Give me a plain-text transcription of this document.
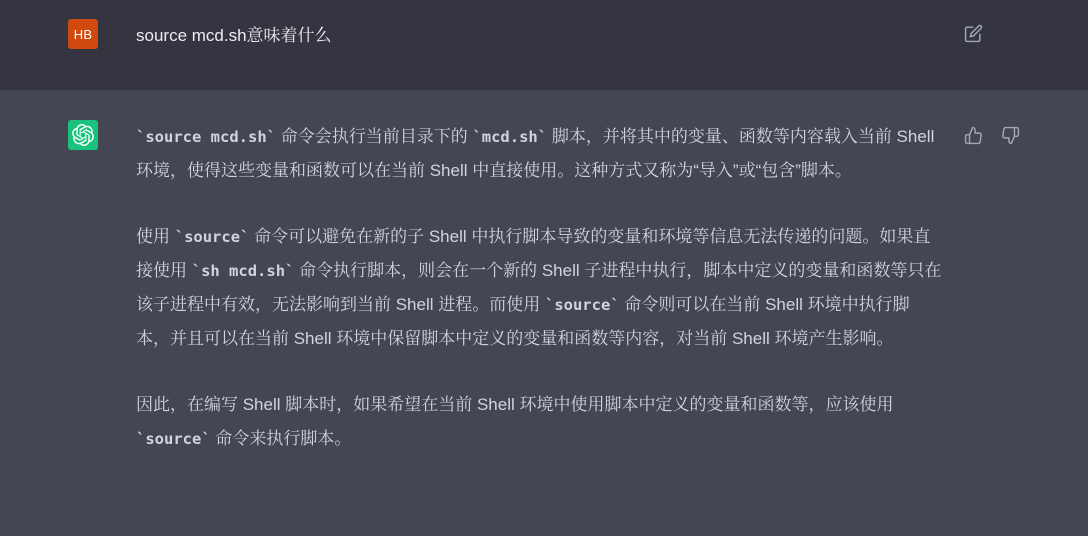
HB	source mcd.sh意味着什么

`source mcd.sh` 命令会执行当前目录下的 `mcd.sh` 脚本，并将其中的变量、函数等内容载入当前 Shell 环境，使得这些变量和函数可以在当前 Shell 中直接使用。这种方式又称为“导入”或“包含”脚本。

使用 `source` 命令可以避免在新的子 Shell 中执行脚本导致的变量和环境等信息无法传递的问题。如果直接使用 `sh mcd.sh` 命令执行脚本，则会在一个新的 Shell 子进程中执行，脚本中定义的变量和函数等只在该子进程中有效，无法影响到当前 Shell 进程。而使用 `source` 命令则可以在当前 Shell 环境中执行脚本，并且可以在当前 Shell 环境中保留脚本中定义的变量和函数等内容，对当前 Shell 环境产生影响。

因此，在编写 Shell 脚本时，如果希望在当前 Shell 环境中使用脚本中定义的变量和函数等，应该使用 `source` 命令来执行脚本。
